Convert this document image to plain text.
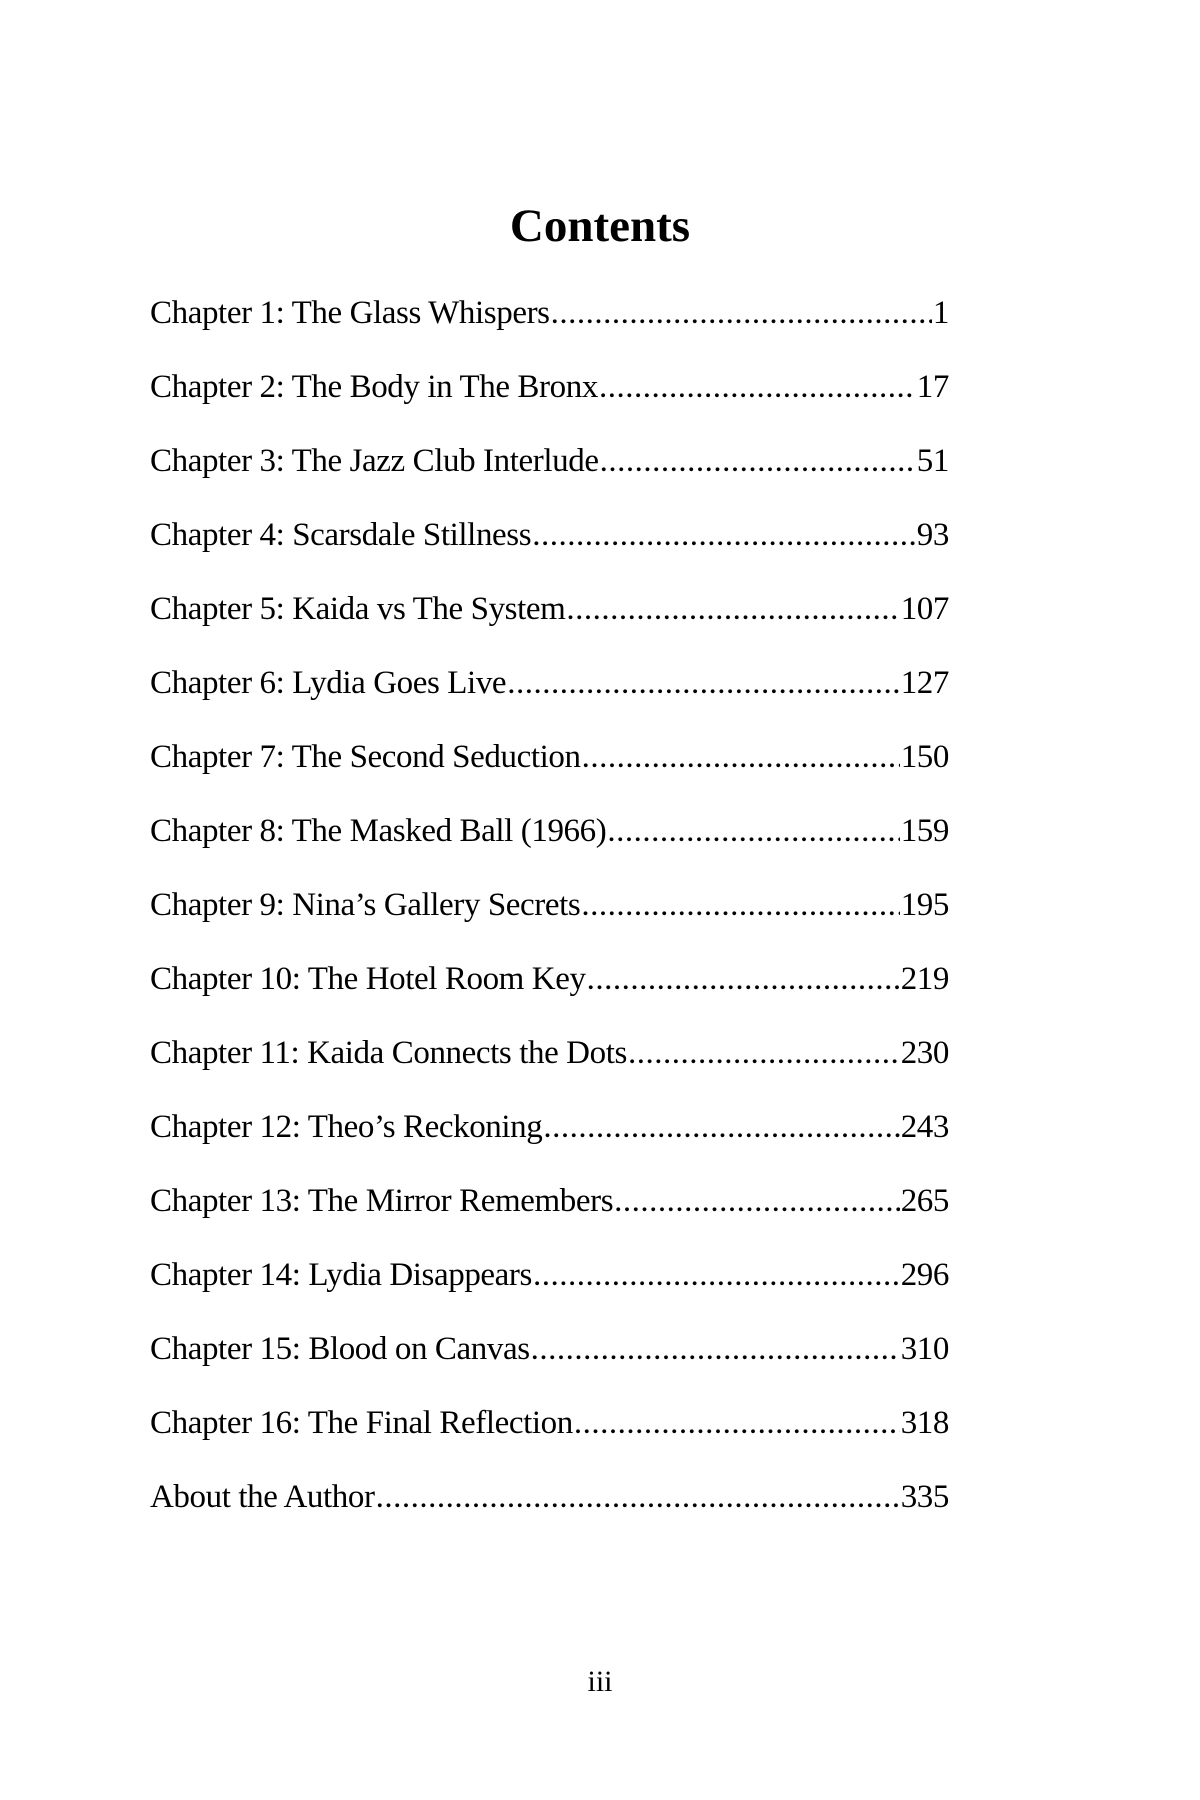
Contents
Chapter 1: The Glass Whispers .....	1
Chapter 2: The Body in The Bronx .....	17
Chapter 3: The Jazz Club Interlude .....	51
Chapter 4: Scarsdale Stillness .....	93
Chapter 5: Kaida vs The System .....	107
Chapter 6: Lydia Goes Live .....	127
Chapter 7: The Second Seduction .....	150
Chapter 8: The Masked Ball (1966) .....	159
Chapter 9: Nina’s Gallery Secrets .....	195
Chapter 10: The Hotel Room Key .....	219
Chapter 11: Kaida Connects the Dots .....	230
Chapter 12: Theo’s Reckoning .....	243
Chapter 13: The Mirror Remembers .....	265
Chapter 14: Lydia Disappears .....	296
Chapter 15: Blood on Canvas .....	310
Chapter 16: The Final Reflection .....	318
About the Author .....	335
iii
